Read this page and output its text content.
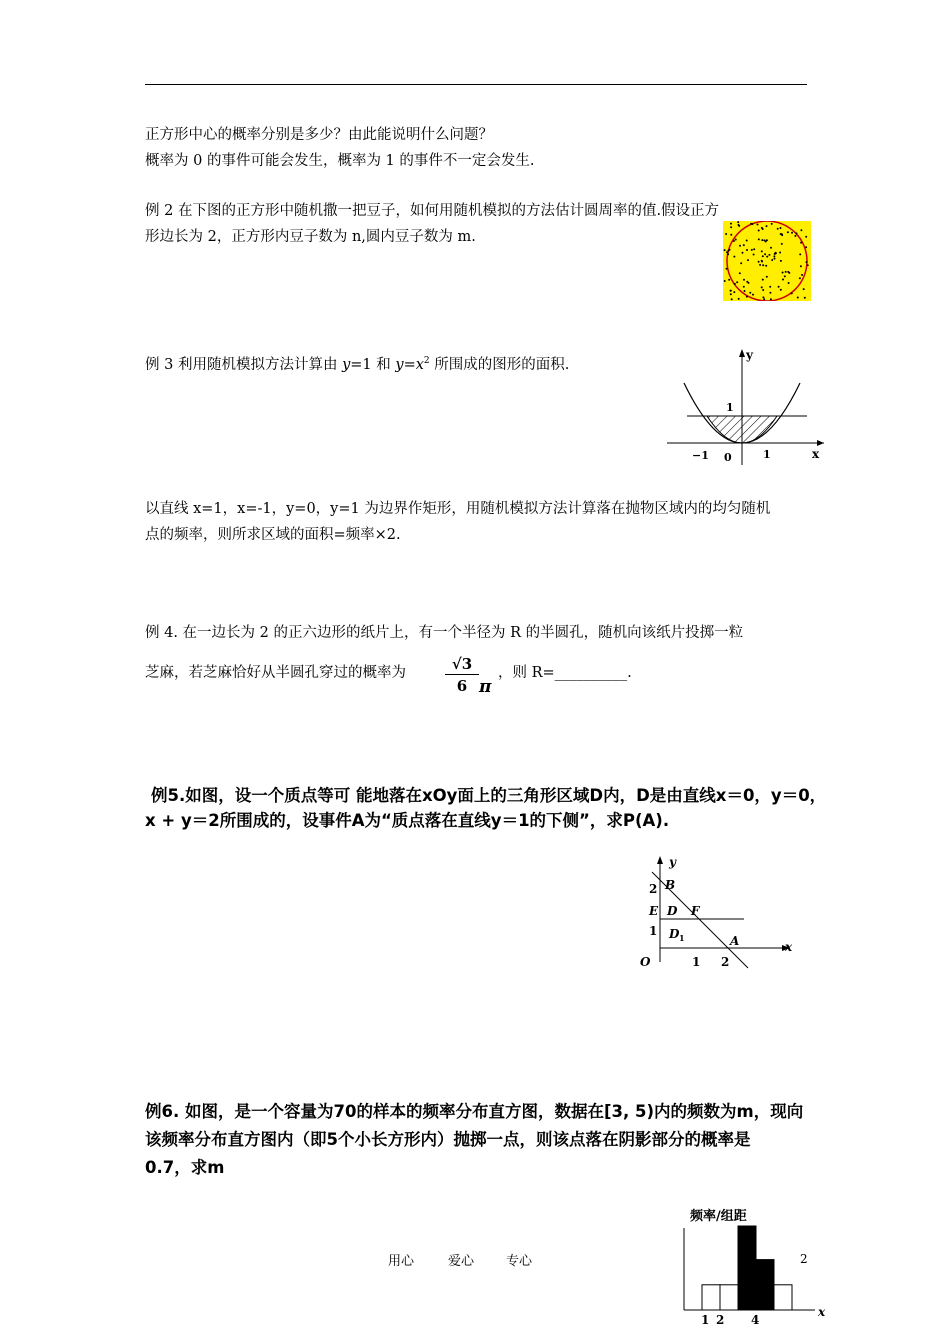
正方形中心的概率分别是多少？由此能说明什么问题？
概率为 0 的事件可能会发生，概率为 1 的事件不一定会发生.
例 2 在下图的正方形中随机撒一把豆子，如何用随机模拟的方法估计圆周率的值.假设正方
形边长为 2，正方形内豆子数为 n,圆内豆子数为 m.
例 3 利用随机模拟方法计算由 y=1 和 $y=x^2$ 所围成的图形的面积.
y
x
1
−1 0	1
以直线 x=1，x=-1，y=0，y=1 为边界作矩形，用随机模拟方法计算落在抛物区域内的均匀随机
点的频率，则所求区域的面积=频率×2.
例 4. 在一边长为 2 的正六边形的纸片上，有一个半径为 R 的半圆孔，随机向该纸片投掷一粒
芝麻，若芝麻恰好从半圆孔穿过的概率为	$\frac{√3}{6}$ π
，则 R=__________.
例5.如图，设一个质点等可 能地落在xOy面上的三角形区域D内，D是由直线x＝0，y＝0，
x + y＝2所围成的，设事件A为“质点落在直线y＝1的下侧”，求P(A).
y
x
2 B
E D F
1 D 1	A
O	1 2
例6. 如图，是一个容量为70的样本的频率分布直方图，数据在[3, 5)内的频数为m，现向
该频率分布直方图内（即5个小长方形内）抛掷一点，则该点落在阴影部分的概率是
0.7，求m
频率/组距
2
x
1 2 4
用心	爱心 专心
